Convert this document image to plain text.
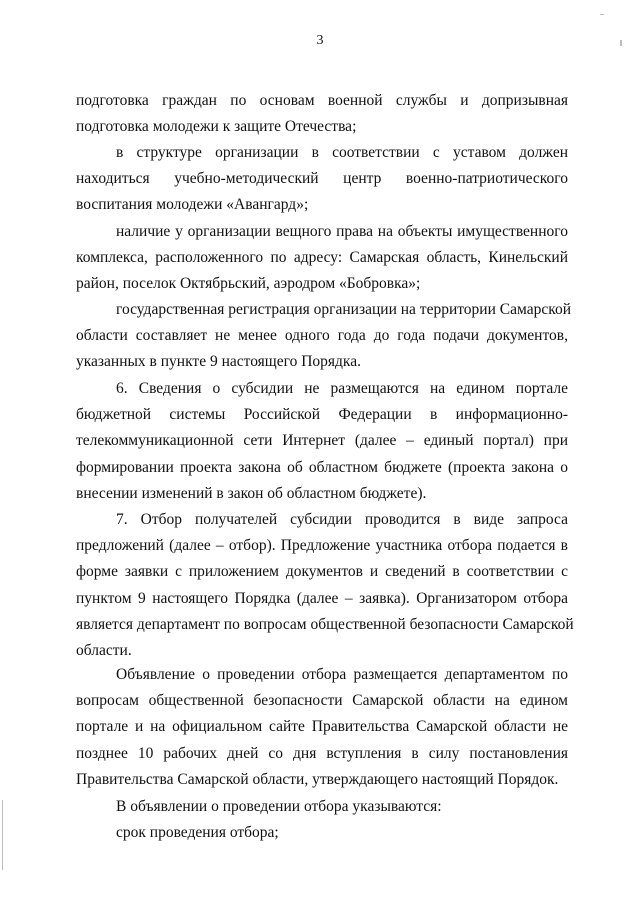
3
подготовка граждан по основам военной службы и допризывная
подготовка молодежи к защите Отечества;
в структуре организации в соответствии с уставом должен
находиться учебно-методический центр военно-патриотического
воспитания молодежи «Авангард»;
наличие у организации вещного права на объекты имущественного
комплекса, расположенного по адресу: Самарская область, Кинельский
район, поселок Октябрьский, аэродром «Бобровка»;
государственная регистрация организации на территории Самарской
области составляет не менее одного года до года подачи документов,
указанных в пункте 9 настоящего Порядка.
6. Сведения о субсидии не размещаются на едином портале
бюджетной системы Российской Федерации в информационно-
телекоммуникационной сети Интернет (далее – единый портал) при
формировании проекта закона об областном бюджете (проекта закона о
внесении изменений в закон об областном бюджете).
7. Отбор получателей субсидии проводится в виде запроса
предложений (далее – отбор). Предложение участника отбора подается в
форме заявки с приложением документов и сведений в соответствии с
пунктом 9 настоящего Порядка (далее – заявка). Организатором отбора
является департамент по вопросам общественной безопасности Самарской
области.
Объявление о проведении отбора размещается департаментом по
вопросам общественной безопасности Самарской области на едином
портале и на официальном сайте Правительства Самарской области не
позднее 10 рабочих дней со дня вступления в силу постановления
Правительства Самарской области, утверждающего настоящий Порядок.
В объявлении о проведении отбора указываются:
срок проведения отбора;
